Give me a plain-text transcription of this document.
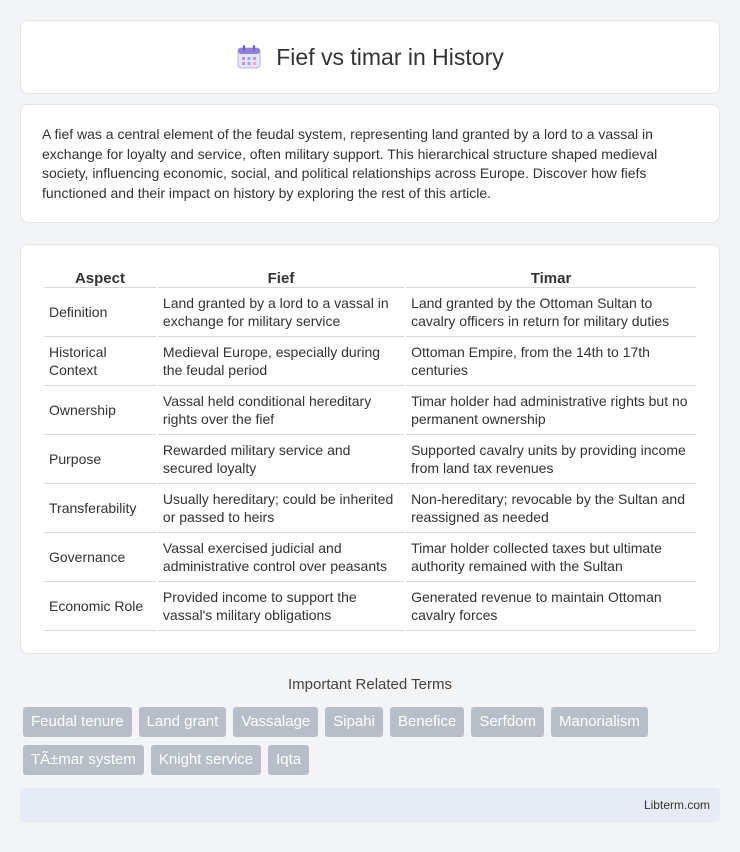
Fief vs timar in History

A fief was a central element of the feudal system, representing land granted by a lord to a vassal in exchange for loyalty and service, often military support. This hierarchical structure shaped medieval society, influencing economic, social, and political relationships across Europe. Discover how fiefs functioned and their impact on history by exploring the rest of this article.

Aspect	Fief	Timar
Definition	Land granted by a lord to a vassal in exchange for military service	Land granted by the Ottoman Sultan to cavalry officers in return for military duties
Historical Context	Medieval Europe, especially during the feudal period	Ottoman Empire, from the 14th to 17th centuries
Ownership	Vassal held conditional hereditary rights over the fief	Timar holder had administrative rights but no permanent ownership
Purpose	Rewarded military service and secured loyalty	Supported cavalry units by providing income from land tax revenues
Transferability	Usually hereditary; could be inherited or passed to heirs	Non-hereditary; revocable by the Sultan and reassigned as needed
Governance	Vassal exercised judicial and administrative control over peasants	Timar holder collected taxes but ultimate authority remained with the Sultan
Economic Role	Provided income to support the vassal's military obligations	Generated revenue to maintain Ottoman cavalry forces
Important Related Terms
Feudal tenure	Land grant	Vassalage	Sipahi	Benefice	Serfdom	Manorialism
TÃ±mar system	Knight service	Iqta
Libterm.com
